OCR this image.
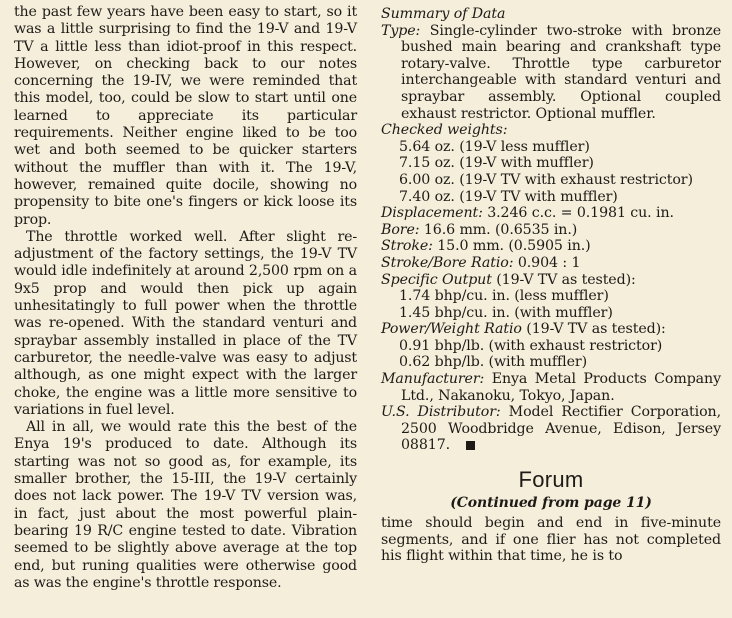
the past few years have been easy to start, so it was a little surprising to find the 19-V and 19-V TV a little less than idiot-proof in this respect. However, on checking back to our notes concerning the 19-IV, we were reminded that this model, too, could be slow to start until one learned to appreciate its particular requirements. Neither engine liked to be too wet and both seemed to be quicker starters without the muffler than with it. The 19-V, however, remained quite docile, showing no propensity to bite one's fingers or kick loose its prop.

The throttle worked well. After slight re-adjustment of the factory settings, the 19-V TV would idle indefinitely at around 2,500 rpm on a 9x5 prop and would then pick up again unhesitatingly to full power when the throttle was re-opened. With the standard venturi and spraybar assembly installed in place of the TV carburetor, the needle-valve was easy to adjust although, as one might expect with the larger choke, the engine was a little more sensitive to variations in fuel level.

All in all, we would rate this the best of the Enya 19's produced to date. Although its starting was not so good as, for example, its smaller brother, the 15-III, the 19-V certainly does not lack power. The 19-V TV version was, in fact, just about the most powerful plain-bearing 19 R/C engine tested to date. Vibration seemed to be slightly above average at the top end, but runing qualities were otherwise good as was the engine's throttle response.

Summary of Data

Type: Single-cylinder two-stroke with bronze bushed main bearing and crankshaft type rotary-valve. Throttle type carburetor interchangeable with standard venturi and spraybar assembly. Optional coupled exhaust restrictor. Optional muffler.

Checked weights:

5.64 oz. (19-V less muffler)
7.15 oz. (19-V with muffler)
6.00 oz. (19-V TV with exhaust restrictor)
7.40 oz. (19-V TV with muffler)

Displacement: 3.246 c.c. = 0.1981 cu. in.

Bore: 16.6 mm. (0.6535 in.)

Stroke: 15.0 mm. (0.5905 in.)

Stroke/Bore Ratio: 0.904 : 1

Specific Output (19-V TV as tested):

1.74 bhp/cu. in. (less muffler)
1.45 bhp/cu. in. (with muffler)

Power/Weight Ratio (19-V TV as tested):

0.91 bhp/lb. (with exhaust restrictor)
0.62 bhp/lb. (with muffler)

Manufacturer: Enya Metal Products Company Ltd., Nakanoku, Tokyo, Japan.

U.S. Distributor: Model Rectifier Corporation, 2500 Woodbridge Avenue, Edison, Jersey 08817.

Forum

(Continued from page 11)

time should begin and end in five-minute segments, and if one flier has not completed his flight within that time, he is to
